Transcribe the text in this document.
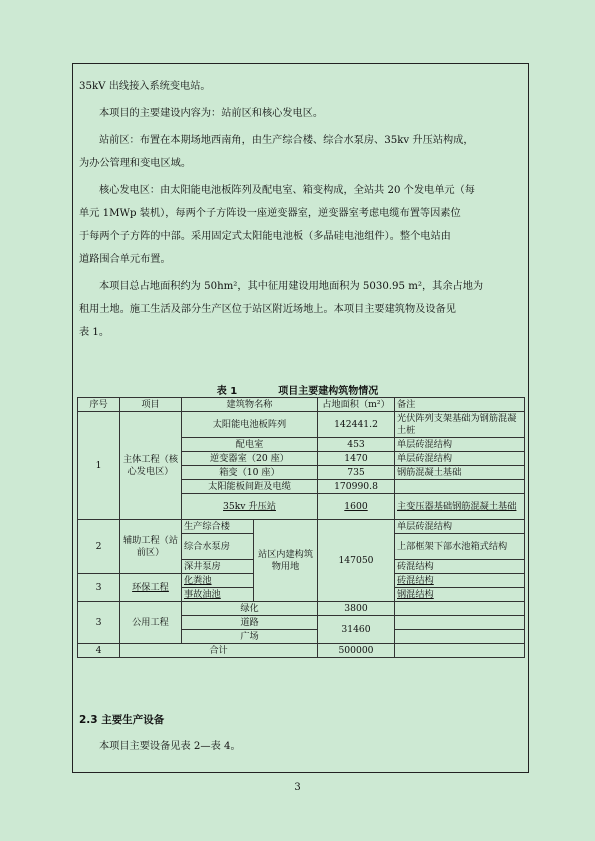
35kV 出线接入系统变电站。
本项目的主要建设内容为：站前区和核心发电区。
站前区：布置在本期场地西南角，由生产综合楼、综合水泵房、35kv 升压站构成，
为办公管理和变电区域。
核心发电区：由太阳能电池板阵列及配电室、箱变构成，全站共 20 个发电单元（每
单元 1MWp 装机），每两个子方阵设一座逆变器室，逆变器室考虑电缆布置等因素位
于每两个子方阵的中部。采用固定式太阳能电池板（多晶硅电池组件）。整个电站由
道路围合单元布置。
本项目总占地面积约为 50hm²，其中征用建设用地面积为 5030.95 m²，其余占地为
租用土地。施工生活及部分生产区位于站区附近场地上。本项目主要建筑物及设备见
表 1。
表 1	项目主要建构筑物情况
序号	项目	建筑物名称		占地面积（m²）	备注
1	主体工程（核心发电区）	太阳能电池板阵列		142441.2	光伏阵列支架基础为钢筋混凝土桩
		配电室		453	单层砖混结构
		逆变器室（20 座）		1470	单层砖混结构
		箱变（10 座）		735	钢筋混凝土基础
		太阳能板间距及电缆		170990.8	
		35kv 升压站		1600	主变压器基础钢筋混凝土基础
2	辅助工程（站前区）	生产综合楼	站区内建构筑物用地	147050	单层砖混结构
		综合水泵房			上部框架下部水池箱式结构
		深井泵房			砖混结构
3	环保工程	化粪池			砖混结构
		事故油池			钢混结构
3	公用工程	绿化		3800	
		道路		31460	
		广场			
4	合计			500000	
2.3 主要生产设备
本项目主要设备见表 2—表 4。
3
